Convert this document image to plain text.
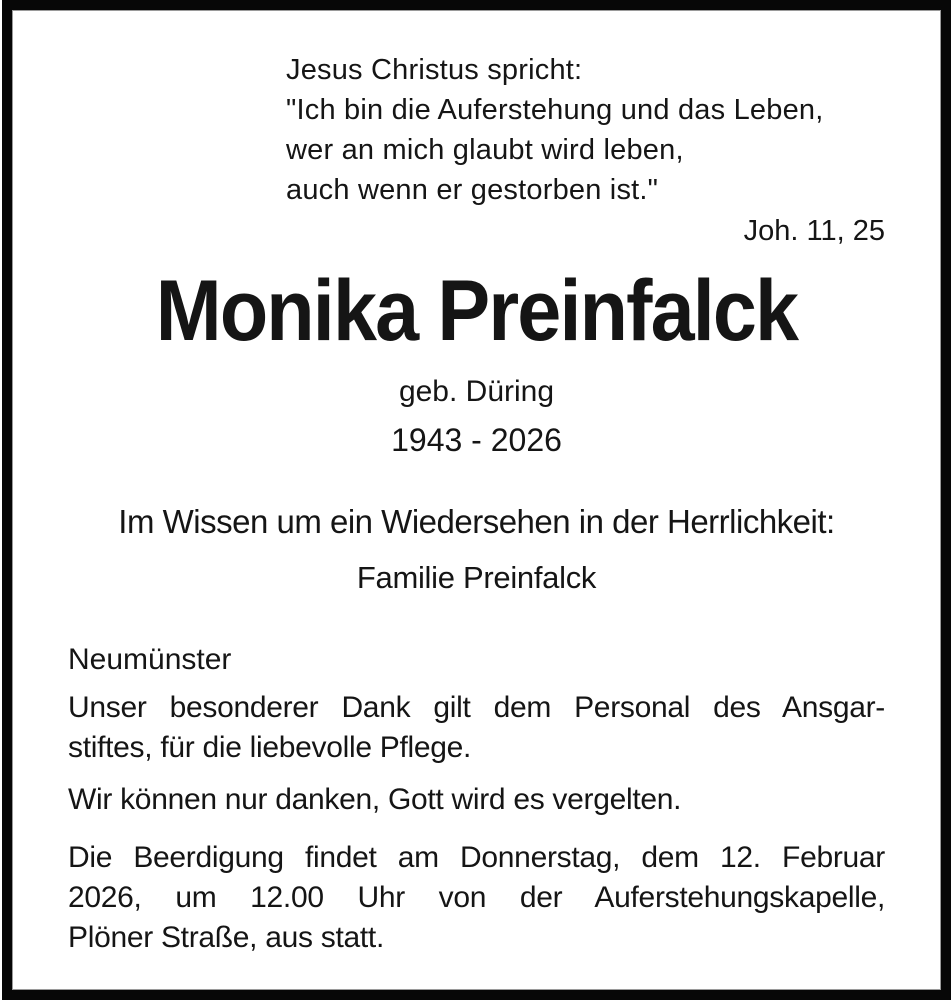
Jesus Christus spricht:
"Ich bin die Auferstehung und das Leben,
wer an mich glaubt wird leben,
auch wenn er gestorben ist."
Joh. 11, 25
Monika Preinfalck
geb. Düring
1943 - 2026
Im Wissen um ein Wiedersehen in der Herrlichkeit:
Familie Preinfalck
Neumünster
Unser besonderer Dank gilt dem Personal des Ansgar-
stiftes, für die liebevolle Pflege.
Wir können nur danken, Gott wird es vergelten.
Die Beerdigung findet am Donnerstag, dem 12. Februar
2026, um 12.00 Uhr von der Auferstehungskapelle,
Plöner Straße, aus statt.
